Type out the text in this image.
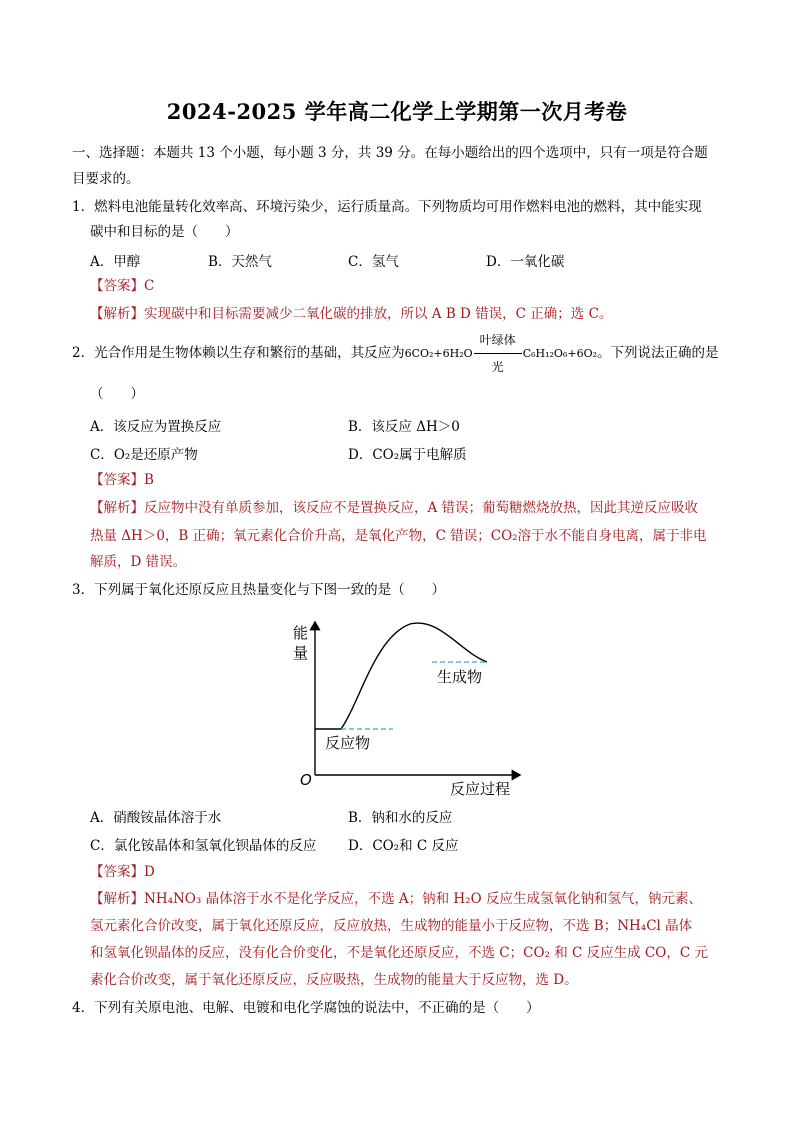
2024-2025 学年高二化学上学期第一次月考卷
一、选择题：本题共 13 个小题，每小题 3 分，共 39 分。在每小题给出的四个选项中，只有一项是符合题
目要求的。
1．燃料电池能量转化效率高、环境污染少，运行质量高。下列物质均可用作燃料电池的燃料，其中能实现
碳中和目标的是（　　）
A．甲醇	B．天然气	C．氢气	D．一氧化碳
【答案】C
【解析】实现碳中和目标需要减少二氧化碳的排放，所以 A B D 错误，C 正确；选 C。
2．光合作用是生物体赖以生存和繁衍的基础，其反应为$6CO_2+6H_2O \frac{\text{叶绿体}}{\text{光}} C_6H_{12}O_6+6O_2$。下列说法正确的是
（　　）
A．该反应为置换反应	B．该反应 ΔH＞0
C．O₂是还原产物	D．CO₂属于电解质
【答案】B
【解析】反应物中没有单质参加，该反应不是置换反应，A 错误；葡萄糖燃烧放热，因此其逆反应吸收
热量 ΔH＞0，B 正确；氧元素化合价升高，是氧化产物，C 错误；CO₂溶于水不能自身电离，属于非电
解质，D 错误。
3．下列属于氧化还原反应且热量变化与下图一致的是（　　）
能
量
O	反应过程
反应物
生成物
A．硝酸铵晶体溶于水	B．钠和水的反应
C．氯化铵晶体和氢氧化钡晶体的反应 D．CO₂和 C 反应
【答案】D
【解析】NH₄NO₃ 晶体溶于水不是化学反应，不选 A；钠和 H₂O 反应生成氢氧化钠和氢气，钠元素、
氢元素化合价改变，属于氧化还原反应，反应放热，生成物的能量小于反应物，不选 B；NH₄Cl 晶体
和氢氧化钡晶体的反应，没有化合价变化，不是氧化还原反应，不选 C；CO₂ 和 C 反应生成 CO，C 元
素化合价改变，属于氧化还原反应，反应吸热，生成物的能量大于反应物，选 D。
4．下列有关原电池、电解、电镀和电化学腐蚀的说法中，不正确的是（　　）
